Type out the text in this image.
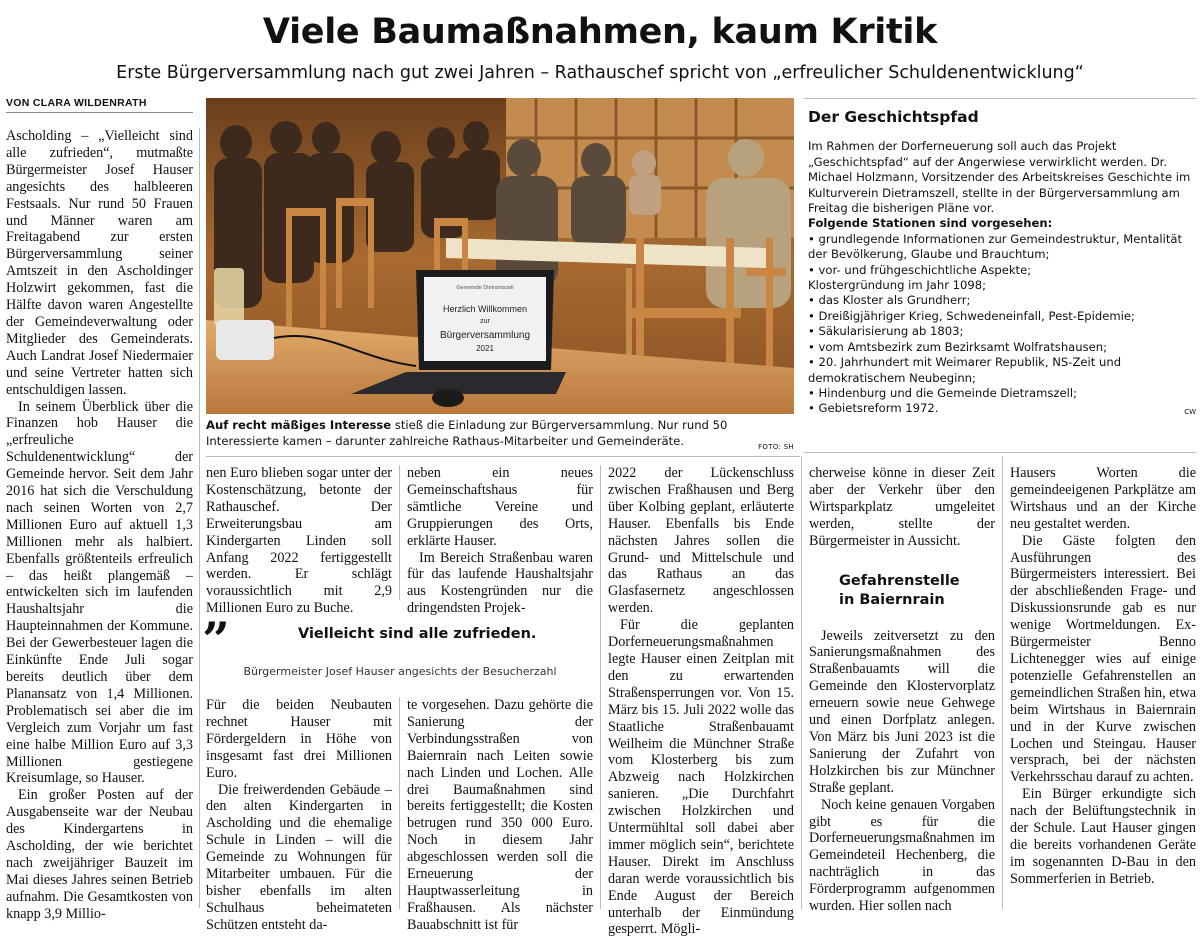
Viele Baumaßnahmen, kaum Kritik
Erste Bürgerversammlung nach gut zwei Jahren – Rathauschef spricht von „erfreulicher Schuldenentwicklung“
VON CLARA WILDENRATH

Ascholding – „Vielleicht sind alle zufrieden“, mutmaßte Bürgermeister Josef Hauser angesichts des halbleeren Festsaals. Nur rund 50 Frauen und Männer waren am Freitagabend zur ersten Bürgerversammlung seiner Amtszeit in den Ascholdinger Holzwirt gekommen, fast die Hälfte davon waren Angestellte der Gemeindeverwaltung oder Mitglieder des Gemeinderats. Auch Landrat Josef Niedermaier und seine Vertreter hatten sich entschuldigen lassen.

In seinem Überblick über die Finanzen hob Hauser die „erfreuliche Schuldenentwicklung“ der Gemeinde hervor. Seit dem Jahr 2016 hat sich die Verschuldung nach seinen Worten von 2,7 Millionen Euro auf aktuell 1,3 Millionen mehr als halbiert. Ebenfalls größtenteils erfreulich – das heißt plangemäß – entwickelten sich im laufenden Haushaltsjahr die Haupteinnahmen der Kommune. Bei der Gewerbesteuer lagen die Einkünfte Ende Juli sogar bereits deutlich über dem Planansatz von 1,4 Millionen. Problematisch sei aber die im Vergleich zum Vorjahr um fast eine halbe Million Euro auf 3,3 Millionen gestiegene Kreisumlage, so Hauser.

Ein großer Posten auf der Ausgabenseite war der Neubau des Kindergartens in Ascholding, der wie berichtet nach zweijähriger Bauzeit im Mai dieses Jahres seinen Betrieb aufnahm. Die Gesamtkosten von knapp 3,9 Millio-

Gemeinde Dietramszell
Herzlich Willkommen
zur
Bürgerversammlung
2021
Auf recht mäßiges Interesse stieß die Einladung zur Bürgerversammlung. Nur rund 50 Interessierte kamen – darunter zahlreiche Rathaus-Mitarbeiter und Gemeinderäte.	FOTO: SH
Der Geschichtspfad
Im Rahmen der Dorferneuerung soll auch das Projekt „Geschichtspfad“ auf der Angerwiese verwirklicht werden. Dr. Michael Holzmann, Vorsitzender des Arbeitskreises Geschichte im Kulturverein Dietramszell, stellte in der Bürgerversammlung am Freitag die bisherigen Pläne vor.
Folgende Stationen sind vorgesehen:
• grundlegende Informationen zur Gemeindestruktur, Mentalität der Bevölkerung, Glaube und Brauchtum;
• vor- und frühgeschichtliche Aspekte;
Klostergründung im Jahr 1098;
• das Kloster als Grundherr;
• Dreißigjähriger Krieg, Schwedeneinfall, Pest-Epidemie;
• Säkularisierung ab 1803;
• vom Amtsbezirk zum Bezirksamt Wolfratshausen;
• 20. Jahrhundert mit Weimarer Republik, NS-Zeit und demokratischem Neubeginn;
• Hindenburg und die Gemeinde Dietramszell;
• Gebietsreform 1972.	CW

nen Euro blieben sogar unter der Kostenschätzung, betonte der Rathauschef. Der Erweiterungsbau am Kindergarten Linden soll Anfang 2022 fertiggestellt werden. Er schlägt voraussichtlich mit 2,9 Millionen Euro zu Buche.

neben ein neues Gemeinschaftshaus für sämtliche Vereine und Gruppierungen des Orts, erklärte Hauser.

Im Bereich Straßenbau waren für das laufende Haushaltsjahr aus Kostengründen nur die dringendsten Projek-

„	Vielleicht sind alle zufrieden.
Bürgermeister Josef Hauser angesichts der Besucherzahl

Für die beiden Neubauten rechnet Hauser mit Fördergeldern in Höhe von insgesamt fast drei Millionen Euro.

Die freiwerdenden Gebäude – den alten Kindergarten in Ascholding und die ehemalige Schule in Linden – will die Gemeinde zu Wohnungen für Mitarbeiter umbauen. Für die bisher ebenfalls im alten Schulhaus beheimateten Schützen entsteht da-

te vorgesehen. Dazu gehörte die Sanierung der Verbindungsstraßen von Baiernrain nach Leiten sowie nach Linden und Lochen. Alle drei Baumaßnahmen sind bereits fertiggestellt; die Kosten betrugen rund 350 000 Euro. Noch in diesem Jahr abgeschlossen werden soll die Erneuerung der Hauptwasserleitung in Fraßhausen. Als nächster Bauabschnitt ist für

2022 der Lückenschluss zwischen Fraßhausen und Berg über Kolbing geplant, erläuterte Hauser. Ebenfalls bis Ende nächsten Jahres sollen die Grund- und Mittelschule und das Rathaus an das Glasfasernetz angeschlossen werden.

Für die geplanten Dorferneuerungsmaßnahmen legte Hauser einen Zeitplan mit den zu erwartenden Straßensperrungen vor. Von 15. März bis 15. Juli 2022 wolle das Staatliche Straßenbauamt Weilheim die Münchner Straße vom Klosterberg bis zum Abzweig nach Holzkirchen sanieren. „Die Durchfahrt zwischen Holzkirchen und Untermühltal soll dabei aber immer möglich sein“, berichtete Hauser. Direkt im Anschluss daran werde voraussichtlich bis Ende August der Bereich unterhalb der Einmündung gesperrt. Mögli-

cherweise könne in dieser Zeit aber der Verkehr über den Wirtsparkplatz umgeleitet werden, stellte der Bürgermeister in Aussicht.

Gefahrenstelle in Baiernrain

Jeweils zeitversetzt zu den Sanierungsmaßnahmen des Straßenbauamts will die Gemeinde den Klostervorplatz erneuern sowie neue Gehwege und einen Dorfplatz anlegen. Von März bis Juni 2023 ist die Sanierung der Zufahrt von Holzkirchen bis zur Münchner Straße geplant.

Noch keine genauen Vorgaben gibt es für die Dorferneuerungsmaßnahmen im Gemeindeteil Hechenberg, die nachträglich in das Förderprogramm aufgenommen wurden. Hier sollen nach

Hausers Worten die gemeindeeigenen Parkplätze am Wirtshaus und an der Kirche neu gestaltet werden.

Die Gäste folgten den Ausführungen des Bürgermeisters interessiert. Bei der abschließenden Frage- und Diskussionsrunde gab es nur wenige Wortmeldungen. Ex-Bürgermeister Benno Lichtenegger wies auf einige potenzielle Gefahrenstellen an gemeindlichen Straßen hin, etwa beim Wirtshaus in Baiernrain und in der Kurve zwischen Lochen und Steingau. Hauser versprach, bei der nächsten Verkehrsschau darauf zu achten.

Ein Bürger erkundigte sich nach der Belüftungstechnik in der Schule. Laut Hauser gingen die bereits vorhandenen Geräte im sogenannten D-Bau in den Sommerferien in Betrieb.
